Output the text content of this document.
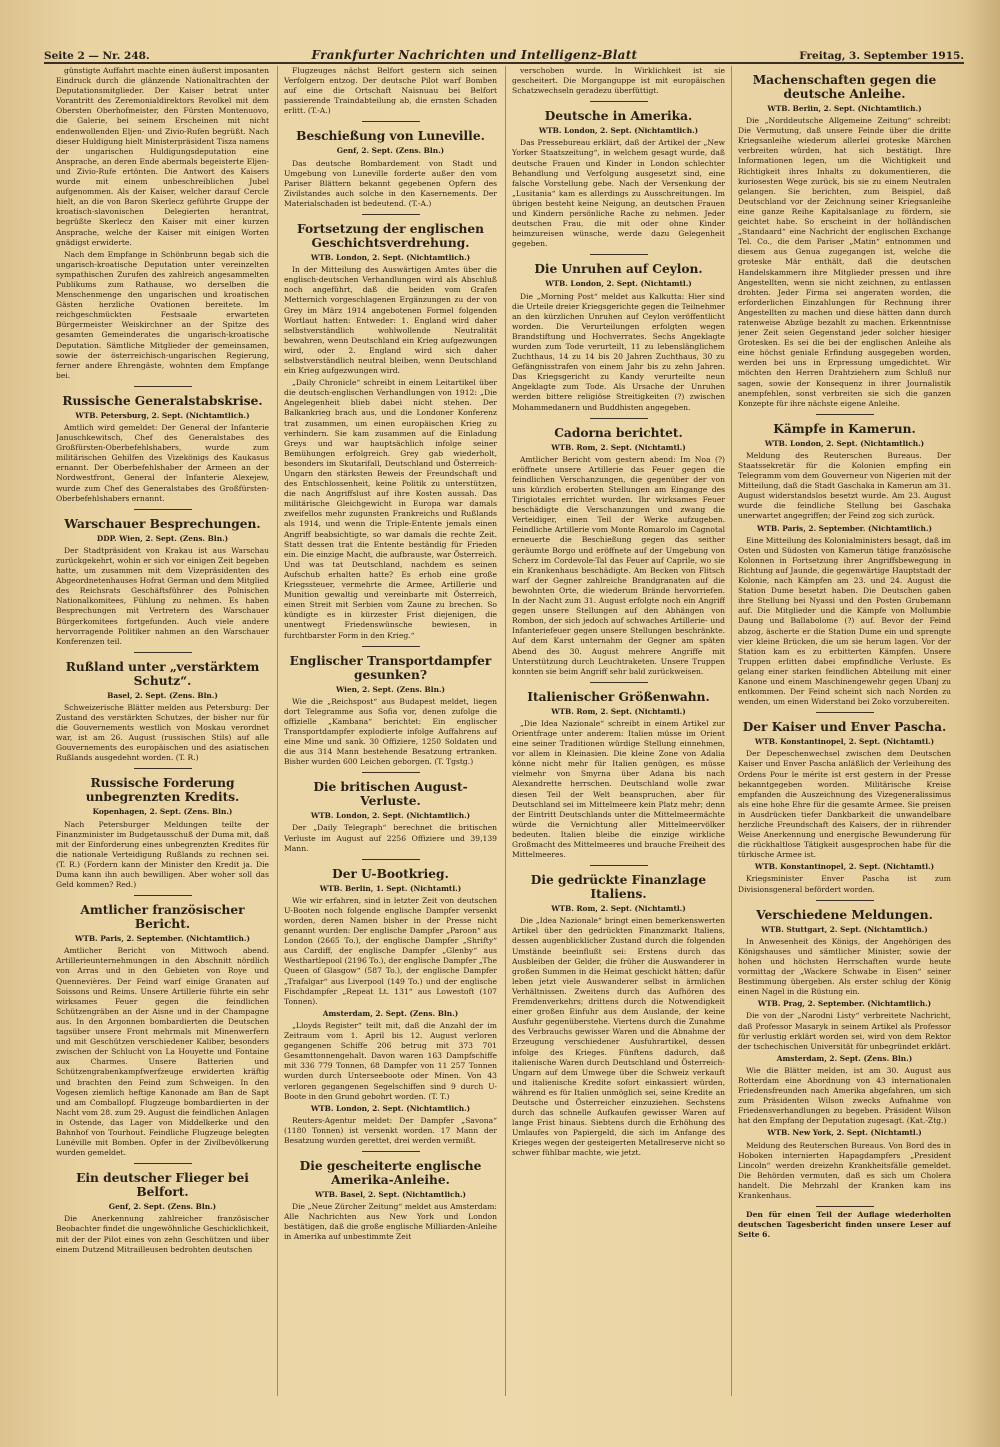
Seite 2 — Nr. 248.	Frankfurter Nachrichten und Intelligenz-Blatt	Freitag, 3. September 1915.

günstigte Auffahrt machte einen äußerst imposanten Eindruck durch die glänzende Nationaltrachten der Deputationsmitglieder. Der Kaiser betrat unter Vorantritt des Zeremonialdirektors Revolkel mit dem Obersten Oberhofmeister, den Fürsten Montenuovo, die Galerie, bei seinem Erscheinen mit nicht endenwollenden Eljen- und Zivio-Rufen begrüßt. Nach dieser Huldigung hielt Ministerpräsident Tisza namens der ungarischen Huldigungsdeputation eine Ansprache, an deren Ende abermals begeisterte Eljen- und Zivio-Rufe ertönten. Die Antwort des Kaisers wurde mit einem unbeschreiblichen Jubel aufgenommen. Als der Kaiser, welcher darauf Cercle hielt, an die von Baron Skerlecz geführte Gruppe der kroatisch-slavonischen Delegierten herantrat, begrüßte Skerlecz den Kaiser mit einer kurzen Ansprache, welche der Kaiser mit einigen Worten gnädigst erwiderte.

Nach dem Empfange in Schönbrunn begab sich die ungarisch-kroatische Deputation unter vereinzelten sympathischen Zurufen des zahlreich angesammelten Publikums zum Rathause, wo derselben die Menschenmenge den ungarischen und kroatischen Gästen herzliche Ovationen bereitete. Im reichgeschmückten Festsaale erwarteten Bürgermeister Weiskirchner an der Spitze des gesamten Gemeinderates die ungarisch-kroatische Deputation. Sämtliche Mitglieder der gemeinsamen, sowie der österreichisch-ungarischen Regierung, ferner andere Ehrengäste, wohnten dem Empfange bei.

Russische Generalstabskrise.

WTB. Petersburg, 2. Sept. (Nichtamtlich.)

Amtlich wird gemeldet: Der General der Infanterie Januschkewitsch, Chef des Generalstabes des Großfürsten-Oberbefehlshabers, wurde zum militärischen Gehilfen des Vizekönigs des Kaukasus ernannt. Der Oberbefehlshaber der Armeen an der Nordwestfront, General der Infanterie Alexejew, wurde zum Chef des Generalstabes des Großfürsten-Oberbefehlshabers ernannt.

Warschauer Besprechungen.

DDP. Wien, 2. Sept. (Zens. Bln.)

Der Stadtpräsident von Krakau ist aus Warschau zurückgekehrt, wohin er sich vor einigen Zeit begeben hatte, um zusammen mit dem Vizepräsidenten des Abgeordnetenhauses Hofrat German und dem Mitglied des Reichsrats Geschäftsführer des Polnischen Nationalkomitees, Fühlung zu nehmen. Es haben Besprechungen mit Vertretern des Warschauer Bürgerkomitees fortgefunden. Auch viele andere hervorragende Politiker nahmen an den Warschauer Konferenzen teil.

Rußland unter „verstärktem Schutz“.

Basel, 2. Sept. (Zens. Bln.)

Schweizerische Blätter melden aus Petersburg: Der Zustand des verstärkten Schutzes, der bisher nur für die Gouvernements westlich von Moskau verordnet war, ist am 26. August (russischen Stils) auf alle Gouvernements des europäischen und des asiatischen Rußlands ausgedehnt worden. (T. R.)

Russische Forderung unbegrenzten Kredits.

Kopenhagen, 2. Sept. (Zens. Bln.)

Nach Petersburger Meldungen teilte der Finanzminister im Budgetausschuß der Duma mit, daß mit der Einforderung eines unbegrenzten Kredites für die nationale Verteidigung Rußlands zu rechnen sei. (T. R.) (Fordern kann der Minister den Kredit ja. Die Duma kann ihn auch bewilligen. Aber woher soll das Geld kommen? Red.)

Amtlicher französischer Bericht.

WTB. Paris, 2. September. (Nichtamtlich.)

Amtlicher Bericht von Mittwoch abend. Artillerieunternehmungen in den Abschnitt nördlich von Arras und in den Gebieten von Roye und Quennevières. Der Feind warf einige Granaten auf Soissons und Reims. Unsere Artillerie führte ein sehr wirksames Feuer gegen die feindlichen Schützengräben an der Aisne und in der Champagne aus. In den Argonnen bombardierten die Deutschen tagsüber unsere Front mehrmals mit Minenwerfern und mit Geschützen verschiedener Kaliber, besonders zwischen der Schlucht von La Houyette und Fontaine aux Charmes. Unsere Batterien und Schützengrabenkampfwerfzeuge erwiderten kräftig und brachten den Feind zum Schweigen. In den Vogesen ziemlich heftige Kanonade am Ban de Sapt und am Comballopf. Flugzeuge bombardierten in der Nacht vom 28. zum 29. August die feindlichen Anlagen in Ostende, das Lager von Middelkerke und den Bahnhof von Tourhout. Feindliche Flugzeuge belegten Lunéville mit Bomben. Opfer in der Zivilbevölkerung wurden gemeldet.

Ein deutscher Flieger bei Belfort.

Genf, 2. Sept. (Zens. Bln.)

Die Anerkennung zahlreicher französischer Beobachter findet die ungewöhnliche Geschicklichkeit, mit der der Pilot eines von zehn Geschützen und über einem Dutzend Mitrailleusen bedrohten deutschen

Flugzeuges nächst Belfort gestern sich seinen Verfolgern entzog. Der deutsche Pilot warf Bomben auf eine die Ortschaft Naisnuau bei Belfort passierende Traindabteilung ab, die ernsten Schaden erlitt. (T.-A.)

Beschießung von Luneville.

Genf, 2. Sept. (Zens. Bln.)

Das deutsche Bombardement von Stadt und Umgebung von Luneville forderte außer den vom Pariser Blättern bekannt gegebenen Opfern des Zivilstandes auch solche in den Kasernements. Der Materialschaden ist bedeutend. (T.-A.)

Fortsetzung der englischen Geschichtsverdrehung.

WTB. London, 2. Sept. (Nichtamtlich.)

In der Mitteilung des Auswärtigen Amtes über die englisch-deutschen Verhandlungen wird als Abschluß noch angeführt, daß die beiden vom Grafen Metternich vorgeschlagenen Ergänzungen zu der von Grey im März 1914 angebotenen Formel folgenden Wortlaut hatten: Entweder: 1. England wird daher selbstverständlich wohlwollende Neutralität bewahren, wenn Deutschland ein Krieg aufgezwungen wird, oder 2. England wird sich daher selbstverständlich neutral bleiben, wenn Deutschland ein Krieg aufgezwungen wird.

„Daily Chronicle“ schreibt in einem Leitartikel über die deutsch-englischen Verhandlungen von 1912: „Die Angelegenheit blieb dabei nicht stehen. Der Balkankrieg brach aus, und die Londoner Konferenz trat zusammen, um einen europäischen Krieg zu verhindern. Sie kam zusammen auf die Einladung Greys und war hauptsächlich infolge seiner Bemühungen erfolgreich. Grey gab wiederholt, besonders im Skutarifall, Deutschland und Österreich-Ungarn den stärksten Beweis der Freundschaft und des Entschlossenheit, keine Politik zu unterstützen, die nach Angriffslust auf ihre Kosten aussah. Das militärische Gleichgewicht in Europa war damals zweifellos mehr zugunsten Frankreichs und Rußlands als 1914, und wenn die Triple-Entente jemals einen Angriff beabsichtigte, so war damals die rechte Zeit. Statt dessen trat die Entente beständig für Frieden ein. Die einzige Macht, die aufbrauste, war Österreich. Und was tat Deutschland, nachdem es seinen Aufschub erhalten hatte? Es erhob eine große Kriegssteuer, vermehrte die Armee, Artillerie und Munition gewaltig und vereinbarte mit Österreich, einen Streit mit Serbien vom Zaune zu brechen. So kündigte es in kürzester Frist diejenigen, die unentwegt Friedenswünsche bewiesen, in furchtbarster Form in den Krieg.“

Englischer Transportdampfer gesunken?

Wien, 2. Sept. (Zens. Bln.)

Wie die „Reichspost“ aus Budapest meldet, liegen dort Telegramme aus Sofia vor, denen zufolge die offizielle „Kambana“ berichtet: Ein englischer Transportdampfer explodierte infolge Auffahrens auf eine Mine und sank. 30 Offiziere, 1250 Soldaten und die aus 314 Mann bestehende Besatzung ertranken. Bisher wurden 600 Leichen geborgen. (T. Tgstg.)

Die britischen August-Verluste.

WTB. London, 2. Sept. (Nichtamtlich.)

Der „Daily Telegraph“ berechnet die britischen Verluste im August auf 2256 Offiziere und 39,139 Mann.

Der U-Bootkrieg.

WTB. Berlin, 1. Sept. (Nichtamtl.)

Wie wir erfahren, sind in letzter Zeit von deutschen U-Booten noch folgende englische Dampfer versenkt worden, deren Namen bisher in der Presse nicht genannt wurden: Der englische Dampfer „Paroon“ aus London (2665 To.), der englische Dampfer „Shrifty“ aus Cardiff, der englische Dampfer „Glenby“ aus Westhartlepool (2196 To.), der englische Dampfer „The Queen of Glasgow“ (587 To.), der englische Dampfer „Trafalgar“ aus Liverpool (149 To.) und der englische Fischdampfer „Repeat Lt. 131“ aus Lowestoft (107 Tonnen).

Amsterdam, 2. Sept. (Zens. Bln.)

„Lloyds Register“ teilt mit, daß die Anzahl der im Zeitraum vom 1. April bis 12. August verloren gegangenen Schiffe 206 betrug mit 373 701 Gesamttonnengehalt. Davon waren 163 Dampfschiffe mit 336 779 Tonnen, 68 Dampfer von 11 257 Tonnen wurden durch Unterseeboote oder Minen. Von 43 verloren gegangenen Segelschiffen sind 9 durch U-Boote in den Grund gebohrt worden. (T. T.)

WTB. London, 2. Sept. (Nichtamtlich.)

Reuters-Agentur meldet: Der Dampfer „Savona“ (1180 Tonnen) ist versenkt worden. 17 Mann der Besatzung wurden gerettet, drei werden vermißt.

Die gescheiterte englische Amerika-Anleihe.

WTB. Basel, 2. Sept. (Nichtamtlich.)

Die „Neue Zürcher Zeitung“ meldet aus Amsterdam: Alle Nachrichten aus New York und London bestätigen, daß die große englische Milliarden-Anleihe in Amerika auf unbestimmte Zeit

verschoben wurde. In Wirklichkeit ist sie gescheitert. Die Morganguppe ist mit europäischen Schatzwechseln geradezu überfüttigt.

Deutsche in Amerika.

WTB. London, 2. Sept. (Nichtamtlich.)

Das Pressebureau erklärt, daß der Artikel der „New Yorker Staatszeitung“, in welchem gesagt wurde, daß deutsche Frauen und Kinder in London schlechter Behandlung und Verfolgung ausgesetzt sind, eine falsche Vorstellung gebe. Nach der Versenkung der „Lusitania“ kam es allerdings zu Ausschreitungen. Im übrigen besteht keine Neigung, an deutschen Frauen und Kindern persönliche Rache zu nehmen. Jeder deutschen Frau, die mit oder ohne Kinder heimzureisen wünsche, werde dazu Gelegenheit gegeben.

Die Unruhen auf Ceylon.

WTB. London, 2. Sept. (Nichtamtl.)

Die „Morning Post“ meldet aus Kalkutta: Hier sind die Urteile dreier Kriegsgerichte gegen die Teilnehmer an den kürzlichen Unruhen auf Ceylon veröffentlicht worden. Die Verurteilungen erfolgten wegen Brandstiftung und Hochverrates. Sechs Angeklagte wurden zum Tode verurteilt, 11 zu lebenslänglichem Zuchthaus, 14 zu 14 bis 20 Jahren Zuchthaus, 30 zu Gefängnisstrafen von einem Jahr bis zu zehn Jahren. Das Kriegsgericht zu Kandy verurteilte neun Angeklagte zum Tode. Als Ursache der Unruhen werden bittere religiöse Streitigkeiten (?) zwischen Mohammedanern und Buddhisten angegeben.

Cadorna berichtet.

WTB. Rom, 2. Sept. (Nichtamtl.)

Amtlicher Bericht vom gestern abend: Im Noa (?) eröffnete unsere Artillerie das Feuer gegen die feindlichen Verschanzungen, die gegenüber der von uns kürzlich eroberten Stellungen am Eingange des Tirigiotales errichtet wurden. Ihr wirksames Feuer beschädigte die Verschanzungen und zwang die Verteidiger, einen Teil der Werke aufzugeben. Feindliche Artillerie vom Monte Romarolo im Cagnotal erneuerte die Beschießung gegen das seither geräumte Borgo und eröffnete auf der Umgebung von Scherz im Cordevole-Tal das Feuer auf Caprile, wo sie ein Krankenhaus beschädigte. Am Becken von Flitsch warf der Gegner zahlreiche Brandgranaten auf die bewohnten Orte, die wiederum Brände hervorriefen. In der Nacht zum 31. August erfolgte noch ein Angriff gegen unsere Stellungen auf den Abhängen von Rombon, der sich jedoch auf schwaches Artillerie- und Infanteriefeuer gegen unsere Stellungen beschränkte. Auf dem Karst unternahm der Gegner am späten Abend des 30. August mehrere Angriffe mit Unterstützung durch Leuchtraketen. Unsere Truppen konnten sie beim Angriff sehr bald zurückweisen.

Italienischer Größenwahn.

WTB. Rom, 2. Sept. (Nichtamtl.)

„Die Idea Nazionale“ schreibt in einem Artikel zur Orientfrage unter anderem: Italien müsse im Orient eine seiner Traditionen würdige Stellung einnehmen, vor allem in Kleinasien. Die kleine Zone von Adalia könne nicht mehr für Italien genügen, es müsse vielmehr von Smyrna über Adana bis nach Alexandrette herrschen. Deutschland wolle zwar diesen Teil der Welt beanspruchen, aber für Deutschland sei im Mittelmeere kein Platz mehr; denn der Eintritt Deutschlands unter die Mittelmeermächte würde die Vernichtung aller Mittelmeervölker bedeuten. Italien bleibe die einzige wirkliche Großmacht des Mittelmeeres und brauche Freiheit des Mittelmeeres.

Die gedrückte Finanzlage Italiens.

WTB. Rom, 2. Sept. (Nichtamtl.)

Die „Idea Nazionale“ bringt einen bemerkenswerten Artikel über den gedrückten Finanzmarkt Italiens, dessen augenblicklicher Zustand durch die folgenden Umstände beeinflußt sei: Erstens durch das Ausbleiben der Gelder, die früher die Auswanderer in großen Summen in die Heimat geschickt hätten; dafür leben jetzt viele Auswanderer selbst in ärmlichen Verhältnissen. Zweitens durch das Aufhören des Fremdenverkehrs; drittens durch die Notwendigkeit einer großen Einfuhr aus dem Auslande, der keine Ausfuhr gegenüberstehe. Viertens durch die Zunahme des Verbrauchs gewisser Waren und die Abnahme der Erzeugung verschiedener Ausfuhrartikel, dessen infolge des Krieges. Fünftens dadurch, daß italienische Waren durch Deutschland und Österreich-Ungarn auf dem Umwege über die Schweiz verkauft und italienische Kredite sofort einkassiert würden, während es für Italien unmöglich sei, seine Kredite an Deutsche und Österreicher einzuziehen. Sechstens durch das schnelle Aufkaufen gewisser Waren auf lange Frist hinaus. Siebtens durch die Erhöhung des Umlaufes von Papiergeld, die sich im Anfange des Krieges wegen der gesteigerten Metallreserve nicht so schwer fühlbar machte, wie jetzt.

Machenschaften gegen die deutsche Anleihe.

WTB. Berlin, 2. Sept. (Nichtamtlich.)

Die „Norddeutsche Allgemeine Zeitung“ schreibt: Die Vermutung, daß unsere Feinde über die dritte Kriegsanleihe wiederum allerlei groteske Märchen verbreiten würden, hat sich bestätigt. Ihre Informationen legen, um die Wichtigkeit und Richtigkeit ihres Inhalts zu dokumentieren, die kuriosesten Wege zurück, bis sie zu einem Neutralen gelangen. Sie berichten, zum Beispiel, daß Deutschland vor der Zeichnung seiner Kriegsanleihe eine ganze Reihe Kapitalsanlage zu fördern, sie geichtet habe. So erscheint in der holländischen „Standaard“ eine Nachricht der englischen Exchange Tel. Co., die dem Pariser „Matin“ entnommen und diesem aus Genua zugegangen ist, welche die groteske Mär enthält, daß die deutschen Handelskammern ihre Mitglieder pressen und ihre Angestellten, wenn sie nicht zeichnen, zu entlassen drohten. Jeder Firma sei angeraten worden, die erforderlichen Einzahlungen für Rechnung ihrer Angestellten zu machen und diese hätten dann durch ratenweise Abzüge bezahlt zu machen. Erkenntnisse jener Zeit seien Gegenstand jeder solcher hiesiger Grotesken. Es sei die bei der englischen Anleihe als eine höchst geniale Erfindung ausgegeben worden, werden bei uns in Erpressung umgedichtet. Wir möchten den Herren Drahtziehern zum Schluß nur sagen, sowie der Konsequenz in ihrer Journalistik anempfehlen, sonst verbreiten sie sich die ganzen Konzepte für ihre nächste eigene Anleihe.

Kämpfe in Kamerun.

WTB. London, 2. Sept. (Nichtamtlich.)

Meldung des Reuterschen Bureaus. Der Staatssekretär für die Kolonien empfing ein Telegramm vom dem Gouverneur von Nigerien mit der Mitteilung, daß die Stadt Gaschaka in Kamerun am 31. August widerstandslos besetzt wurde. Am 23. August wurde die feindliche Stellung bei Gaschaka unerwartet angegriffen; der Feind zog sich zurück.

WTB. Paris, 2. September. (Nichtamtlich.)

Eine Mitteilung des Kolonialministers besagt, daß im Osten und Südosten von Kamerun tätige französische Kolonnen in Fortsetzung ihrer Angriffsbewegung in Richtung auf Jaunde, die gegenwärtige Hauptstadt der Kolonie, nach Kämpfen am 23. und 24. August die Station Dume besetzt haben. Die Deutschen gaben ihre Stellung bei Nyassi und den Posten Grubemann auf. Die Mitglieder und die Kämpfe von Mollumbie Daung und Ballabolome (?) auf. Bevor der Feind abzog, äscherte er die Station Dume ein und sprengte vier kleine Brücken, die um sie herum lagen. Vor der Station kam es zu erbitterten Kämpfen. Unsere Truppen erlitten dabei empfindliche Verluste. Es gelang einer starken feindlichen Abteilung mit einer Kanone und einem Maschinengewehr gegen Ubanj zu entkommen. Der Feind scheint sich nach Norden zu wenden, um einen Widerstand bei Zoko vorzubereiten.

Der Kaiser und Enver Pascha.

WTB. Konstantinopel, 2. Sept. (Nichtamtl.)

Der Depeschenwechsel zwischen dem Deutschen Kaiser und Enver Pascha anläßlich der Verleihung des Ordens Pour le mérite ist erst gestern in der Presse bekanntgegeben worden. Militärische Kreise empfanden die Auszeichnung des Vizegeneralissimus als eine hohe Ehre für die gesamte Armee. Sie preisen in Ausdrücken tiefer Dankbarkeit die unwandelbare herzliche Freundschaft des Kaisers, der in rührender Weise Anerkennung und energische Bewunderung für die rückhaltlose Tätigkeit ausgesprochen habe für die türkische Armee ist.

WTB. Konstantinopel, 2. Sept. (Nichtamtl.)

Kriegsminister Enver Pascha ist zum Divisionsgeneral befördert worden.

Verschiedene Meldungen.

WTB. Stuttgart, 2. Sept. (Nichtamtlich.)

In Anwesenheit des Königs, der Angehörigen des Königshauses und sämtlicher Minister, sowie der hohen und höchsten Herrschaften wurde heute vormittag der „Wackere Schwabe in Eisen“ seiner Bestimmung übergeben. Als erster schlug der König einen Nagel in die Rüstung ein.

WTB. Prag, 2. September. (Nichtamtlich.)

Die von der „Narodni Listy“ verbreitete Nachricht, daß Professor Masaryk in seinem Artikel als Professor für verlustig erklärt worden sei, wird von dem Rektor der tschechischen Universität für unbegründet erklärt.

Amsterdam, 2. Sept. (Zens. Bln.)

Wie die Blätter melden, ist am 30. August aus Rotterdam eine Abordnung von 43 internationalen Friedensfreunden nach Amerika abgefahren, um sich zum Präsidenten Wilson zwecks Aufnahme von Friedensverhandlungen zu begeben. Präsident Wilson hat den Empfang der Deputation zugesagt. (Kat.-Ztg.)

WTB. New York, 2. Sept. (Nichtamtl.)

Meldung des Reuterschen Bureaus. Von Bord des in Hoboken internierten Hapagdampfers „President Lincoln“ werden dreizehn Krankheitsfälle gemeldet. Die Behörden vermuten, daß es sich um Cholera handelt. Die Mehrzahl der Kranken kam ins Krankenhaus.

Den für einen Teil der Auflage wiederholten deutschen Tagesbericht finden unsere Leser auf Seite 6.
